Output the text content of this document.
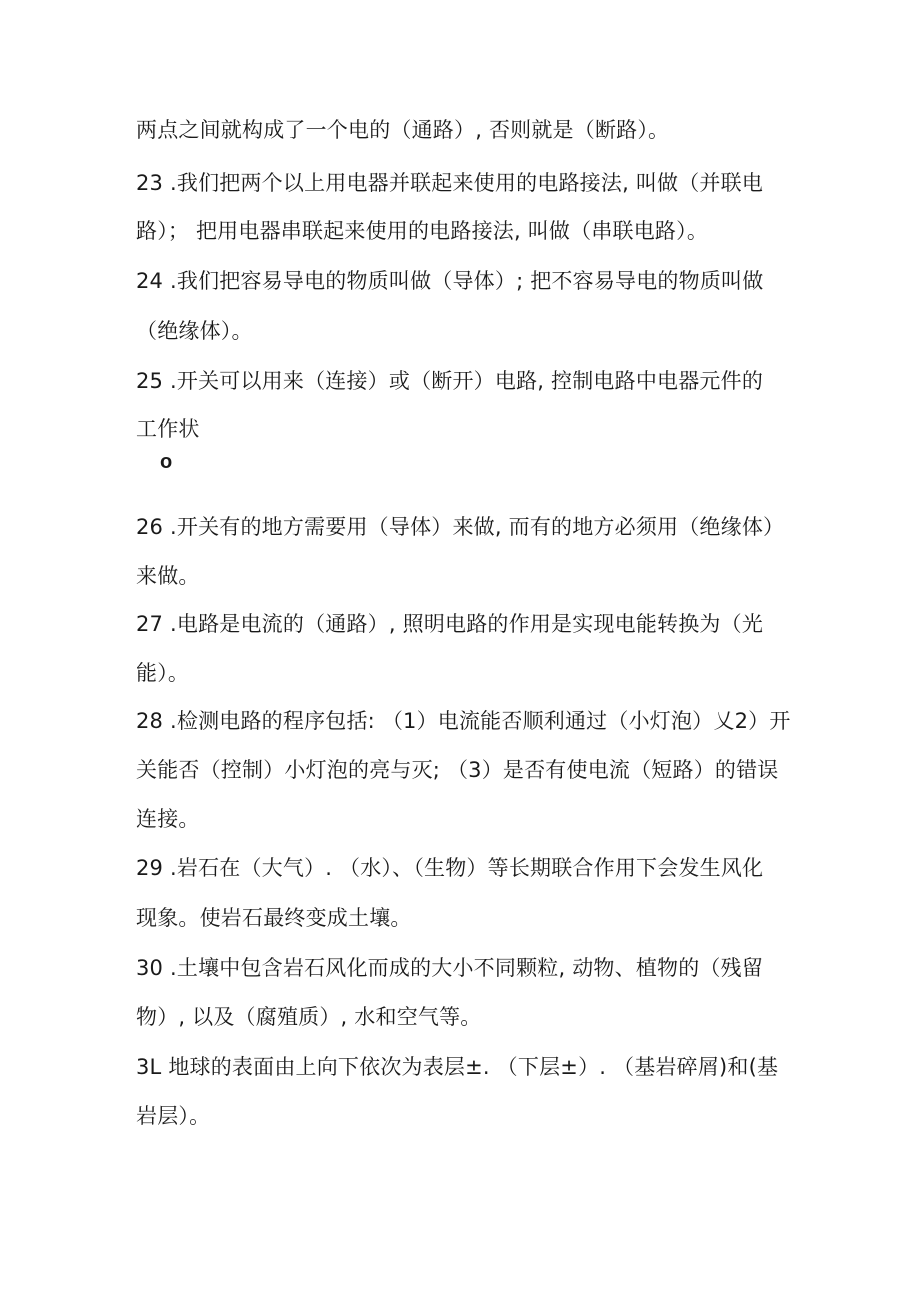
两点之间就构成了一个电的（通路）, 否则就是（断路）。
23 .我们把两个以上用电器并联起来使用的电路接法, 叫做（并联电
路）； 把用电器串联起来使用的电路接法, 叫做（串联电路）。
24 .我们把容易导电的物质叫做（导体）; 把不容易导电的物质叫做
（绝缘体）。
25 .开关可以用来（连接）或（断开）电路, 控制电路中电器元件的
工作状
o
26 .开关有的地方需要用（导体）来做, 而有的地方必须用（绝缘体）
来做。
27 .电路是电流的（通路）, 照明电路的作用是实现电能转换为（光
能）。
28 .检测电路的程序包括: （1）电流能否顺利通过（小灯泡）乂2）开
关能否（控制）小灯泡的亮与灭; （3）是否有使电流（短路）的错误
连接。
29 .岩石在（大气）. （水）、（生物）等长期联合作用下会发生风化
现象。使岩石最终变成土壤。
30 .土壤中包含岩石风化而成的大小不同颗粒, 动物、植物的（残留
物）, 以及（腐殖质）, 水和空气等。
3L 地球的表面由上向下依次为表层±. （下层±）. （基岩碎屑)和(基
岩层）。
